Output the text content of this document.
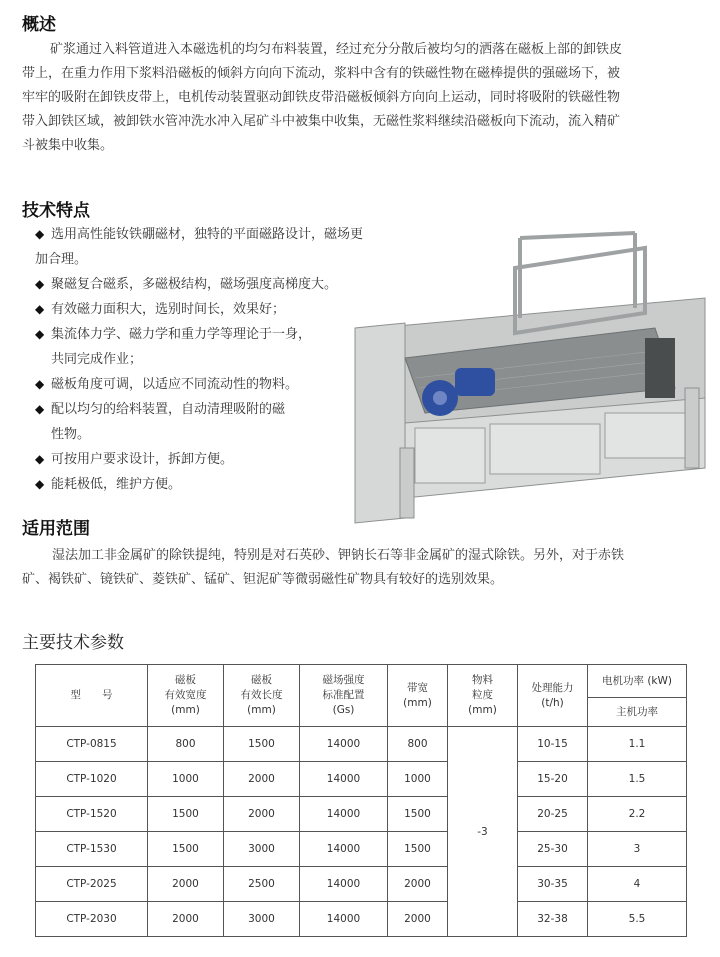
概述
矿浆通过入料管道进入本磁选机的均匀布料装置，经过充分分散后被均匀的洒落在磁板上部的卸铁皮
带上，在重力作用下浆料沿磁板的倾斜方向向下流动，浆料中含有的铁磁性物在磁棒提供的强磁场下，被
牢牢的吸附在卸铁皮带上，电机传动装置驱动卸铁皮带沿磁板倾斜方向向上运动，同时将吸附的铁磁性物
带入卸铁区域，被卸铁水管冲洗水冲入尾矿斗中被集中收集，无磁性浆料继续沿磁板向下流动，流入精矿
斗被集中收集。
技术特点
◆ 选用高性能钕铁硼磁材，独特的平面磁路设计，磁场更加合理。
◆ 聚磁复合磁系，多磁极结构，磁场强度高梯度大。
◆ 有效磁力面积大，选别时间长，效果好；
◆ 集流体力学、磁力学和重力学等理论于一身，
共同完成作业；
◆ 磁板角度可调，以适应不同流动性的物料。
◆ 配以均匀的给料装置，自动清理吸附的磁
性物。
◆ 可按用户要求设计，拆卸方便。
◆ 能耗极低，维护方便。
适用范围
湿法加工非金属矿的除铁提纯，特别是对石英砂、钾钠长石等非金属矿的湿式除铁。另外，对于赤铁
矿、褐铁矿、镜铁矿、菱铁矿、锰矿、钽泥矿等微弱磁性矿物具有较好的选别效果。
主要技术参数
型　　号	磁板
有效宽度
(mm)	磁板
有效长度
(mm)	磁场强度
标准配置
(Gs)	带宽
(mm)	物料
粒度
(mm)	处理能力
(t/h)	电机功率 (kW)
							主机功率
CTP-0815	800	1500	14000	800	-3	10-15	1.1
CTP-1020	1000	2000	14000	1000		15-20	1.5
CTP-1520	1500	2000	14000	1500		20-25	2.2
CTP-1530	1500	3000	14000	1500		25-30	3
CTP-2025	2000	2500	14000	2000		30-35	4
CTP-2030	2000	3000	14000	2000		32-38	5.5
